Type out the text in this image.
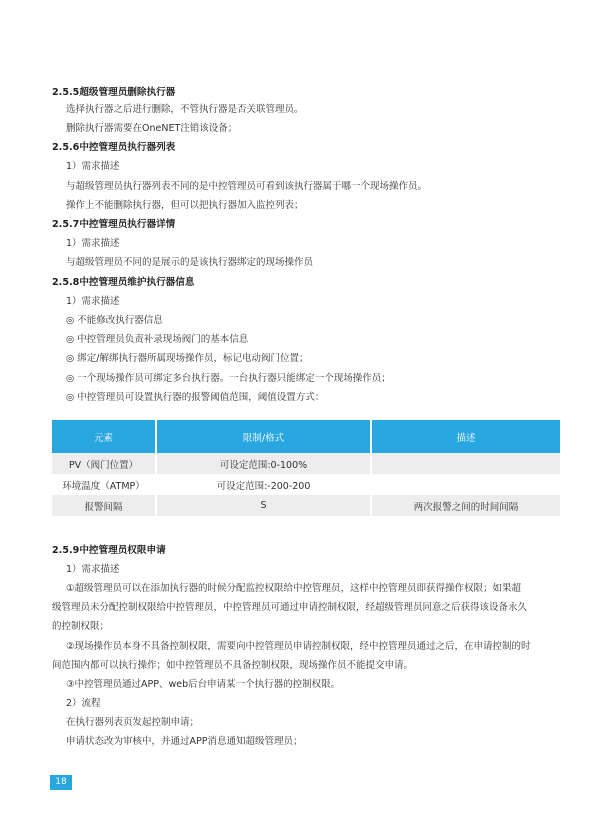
2.5.5超级管理员删除执行器
选择执行器之后进行删除，不管执行器是否关联管理员。
删除执行器需要在OneNET注销该设备；
2.5.6中控管理员执行器列表
1）需求描述
与超级管理员执行器列表不同的是中控管理员可看到该执行器属于哪一个现场操作员。
操作上不能删除执行器，但可以把执行器加入监控列表；
2.5.7中控管理员执行器详情
1）需求描述
与超级管理员不同的是展示的是该执行器绑定的现场操作员
2.5.8中控管理员维护执行器信息
1）需求描述
◎ 不能修改执行器信息
◎ 中控管理员负责补录现场阀门的基本信息
◎ 绑定/解绑执行器所属现场操作员，标记电动阀门位置；
◎ 一个现场操作员可绑定多台执行器。一台执行器只能绑定一个现场操作员；
◎ 中控管理员可设置执行器的报警阈值范围，阈值设置方式：
元素	限制/格式	描述
PV（阀门位置）	可设定范围:0-100%	
环境温度（ATMP）	可设定范围:-200-200	
报警间隔	S	两次报警之间的时间间隔
2.5.9中控管理员权限申请
1）需求描述
①超级管理员可以在添加执行器的时候分配监控权限给中控管理员，这样中控管理员即获得操作权限；如果超
级管理员未分配控制权限给中控管理员，中控管理员可通过申请控制权限，经超级管理员同意之后获得该设备永久
的控制权限；
②现场操作员本身不具备控制权限，需要向中控管理员申请控制权限，经中控管理员通过之后，在申请控制的时
间范围内都可以执行操作；如中控管理员不具备控制权限，现场操作员不能提交申请。
③中控管理员通过APP、web后台申请某一个执行器的控制权限。
2）流程
在执行器列表页发起控制申请；
申请状态改为审核中，并通过APP消息通知超级管理员；
18
